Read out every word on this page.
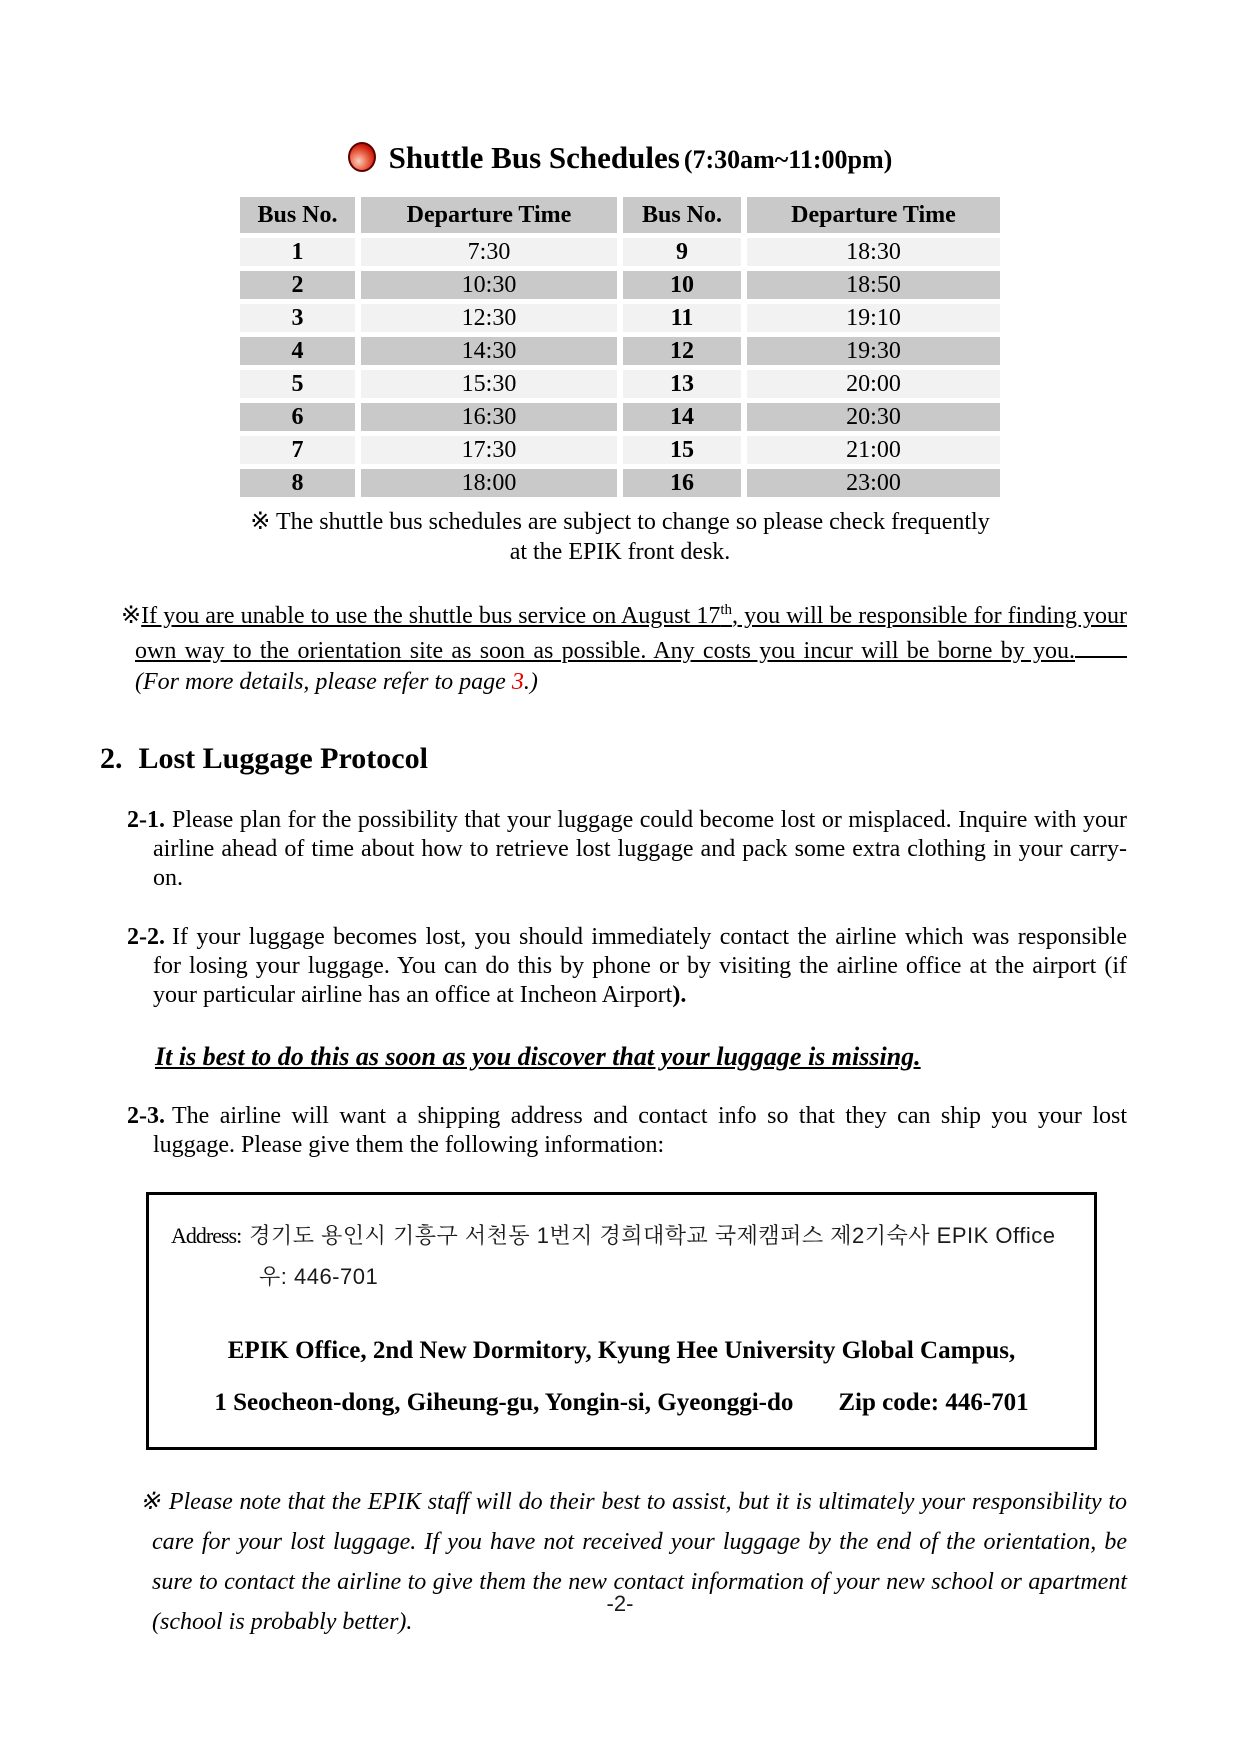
Shuttle Bus Schedules (7:30am~11:00pm)
Bus No.	Departure Time	Bus No.	Departure Time
1	7:30	9	18:30
2	10:30	10	18:50
3	12:30	11	19:10
4	14:30	12	19:30
5	15:30	13	20:00
6	16:30	14	20:30
7	17:30	15	21:00
8	18:00	16	23:00
※ The shuttle bus schedules are subject to change so please check frequently
at the EPIK front desk.
※If you are unable to use the shuttle bus service on August 17th, you will be responsible for finding your own way to the orientation site as soon as possible. Any costs you incur will be borne by you. (For more details, please refer to page 3.)
2. Lost Luggage Protocol
2-1. Please plan for the possibility that your luggage could become lost or misplaced. Inquire with your airline ahead of time about how to retrieve lost luggage and pack some extra clothing in your carry-on.
2-2. If your luggage becomes lost, you should immediately contact the airline which was responsible for losing your luggage. You can do this by phone or by visiting the airline office at the airport (if your particular airline has an office at Incheon Airport).
It is best to do this as soon as you discover that your luggage is missing.
2-3. The airline will want a shipping address and contact info so that they can ship you your lost luggage. Please give them the following information:
Address: 경기도 용인시 기흥구 서천동 1번지 경희대학교 국제캠퍼스 제2기숙사 EPIK Office
우: 446-701
EPIK Office, 2nd New Dormitory, Kyung Hee University Global Campus,
1 Seocheon-dong, Giheung-gu, Yongin-si, Gyeonggi-do Zip code: 446-701
※ Please note that the EPIK staff will do their best to assist, but it is ultimately your responsibility to care for your lost luggage. If you have not received your luggage by the end of the orientation, be sure to contact the airline to give them the new contact information of your new school or apartment (school is probably better).
-2-
